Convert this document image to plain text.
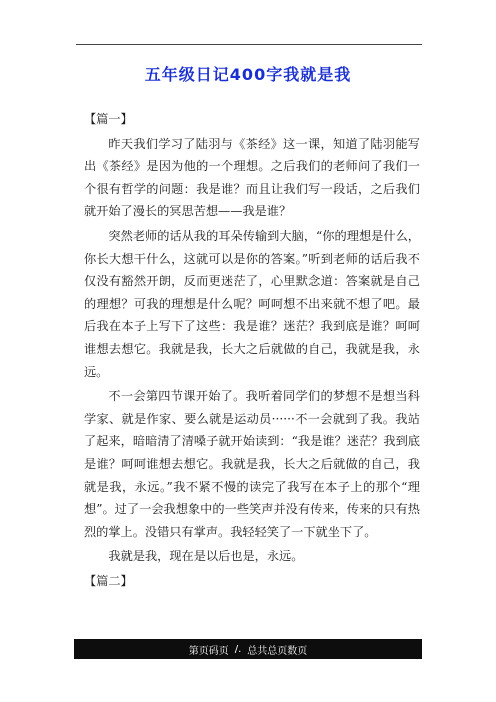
五年级日记400字我就是我
【篇一】

昨天我们学习了陆羽与《茶经》这一课，知道了陆羽能写出《茶经》是因为他的一个理想。之后我们的老师问了我们一个很有哲学的问题：我是谁？而且让我们写一段话，之后我们就开始了漫长的冥思苦想——我是谁？

突然老师的话从我的耳朵传输到大脑，“你的理想是什么，你长大想干什么，这就可以是你的答案。”听到老师的话后我不仅没有豁然开朗，反而更迷茫了，心里默念道：答案就是自己的理想？可我的理想是什么呢？呵呵想不出来就不想了吧。最后我在本子上写下了这些：我是谁？迷茫？我到底是谁？呵呵谁想去想它。我就是我，长大之后就做的自己，我就是我，永远。

不一会第四节课开始了。我听着同学们的梦想不是想当科学家、就是作家、要么就是运动员······不一会就到了我。我站了起来，暗暗清了清嗓子就开始读到：“我是谁？迷茫？我到底是谁？呵呵谁想去想它。我就是我，长大之后就做的自己，我就是我，永远。”我不紧不慢的读完了我写在本子上的那个“理想”。过了一会我想象中的一些笑声并没有传来，传来的只有热烈的掌上。没错只有掌声。我轻轻笑了一下就坐下了。

我就是我，现在是以后也是，永远。

【篇二】
第页码页 /. 总共总页数页
